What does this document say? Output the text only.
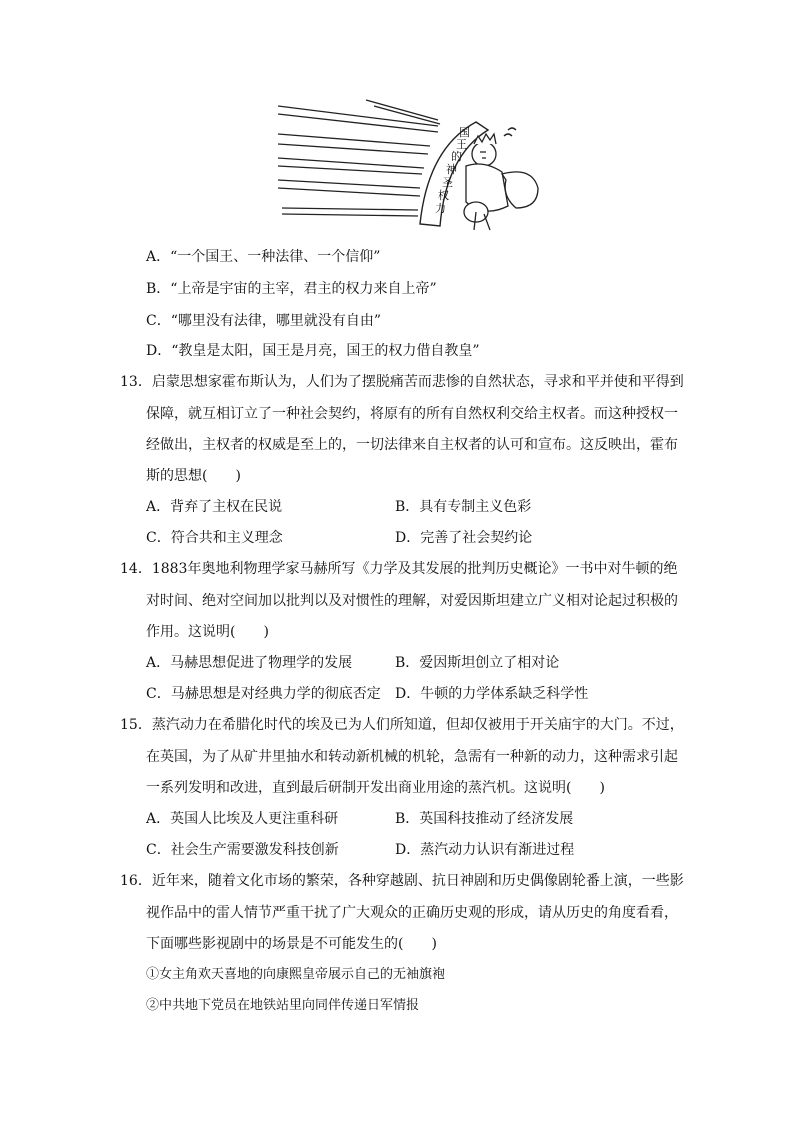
国
王
的
神
圣
权
力
A．“一个国王、一种法律、一个信仰”
B．“上帝是宇宙的主宰，君主的权力来自上帝”
C．“哪里没有法律，哪里就没有自由”
D．“教皇是太阳，国王是月亮，国王的权力借自教皇”
13．启蒙思想家霍布斯认为，人们为了摆脱痛苦而悲惨的自然状态，寻求和平并使和平得到
保障，就互相订立了一种社会契约，将原有的所有自然权利交给主权者。而这种授权一
经做出，主权者的权威是至上的，一切法律来自主权者的认可和宣布。这反映出，霍布
斯的思想(　　)
A．背弃了主权在民说	B．具有专制主义色彩
C．符合共和主义理念	D．完善了社会契约论
14．1883年奥地利物理学家马赫所写《力学及其发展的批判历史概论》一书中对牛顿的绝
对时间、绝对空间加以批判以及对惯性的理解，对爱因斯坦建立广义相对论起过积极的
作用。这说明(　　)
A．马赫思想促进了物理学的发展	B．爱因斯坦创立了相对论
C．马赫思想是对经典力学的彻底否定 D．牛顿的力学体系缺乏科学性
15．蒸汽动力在希腊化时代的埃及已为人们所知道，但却仅被用于开关庙宇的大门。不过，
在英国，为了从矿井里抽水和转动新机械的机轮，急需有一种新的动力，这种需求引起
一系列发明和改进，直到最后研制开发出商业用途的蒸汽机。这说明(　　)
A．英国人比埃及人更注重科研	B．英国科技推动了经济发展
C．社会生产需要激发科技创新	D．蒸汽动力认识有渐进过程
16．近年来，随着文化市场的繁荣，各种穿越剧、抗日神剧和历史偶像剧轮番上演，一些影
视作品中的雷人情节严重干扰了广大观众的正确历史观的形成，请从历史的角度看看，
下面哪些影视剧中的场景是不可能发生的(　　)
①女主角欢天喜地的向康熙皇帝展示自己的无袖旗袍
②中共地下党员在地铁站里向同伴传递日军情报
